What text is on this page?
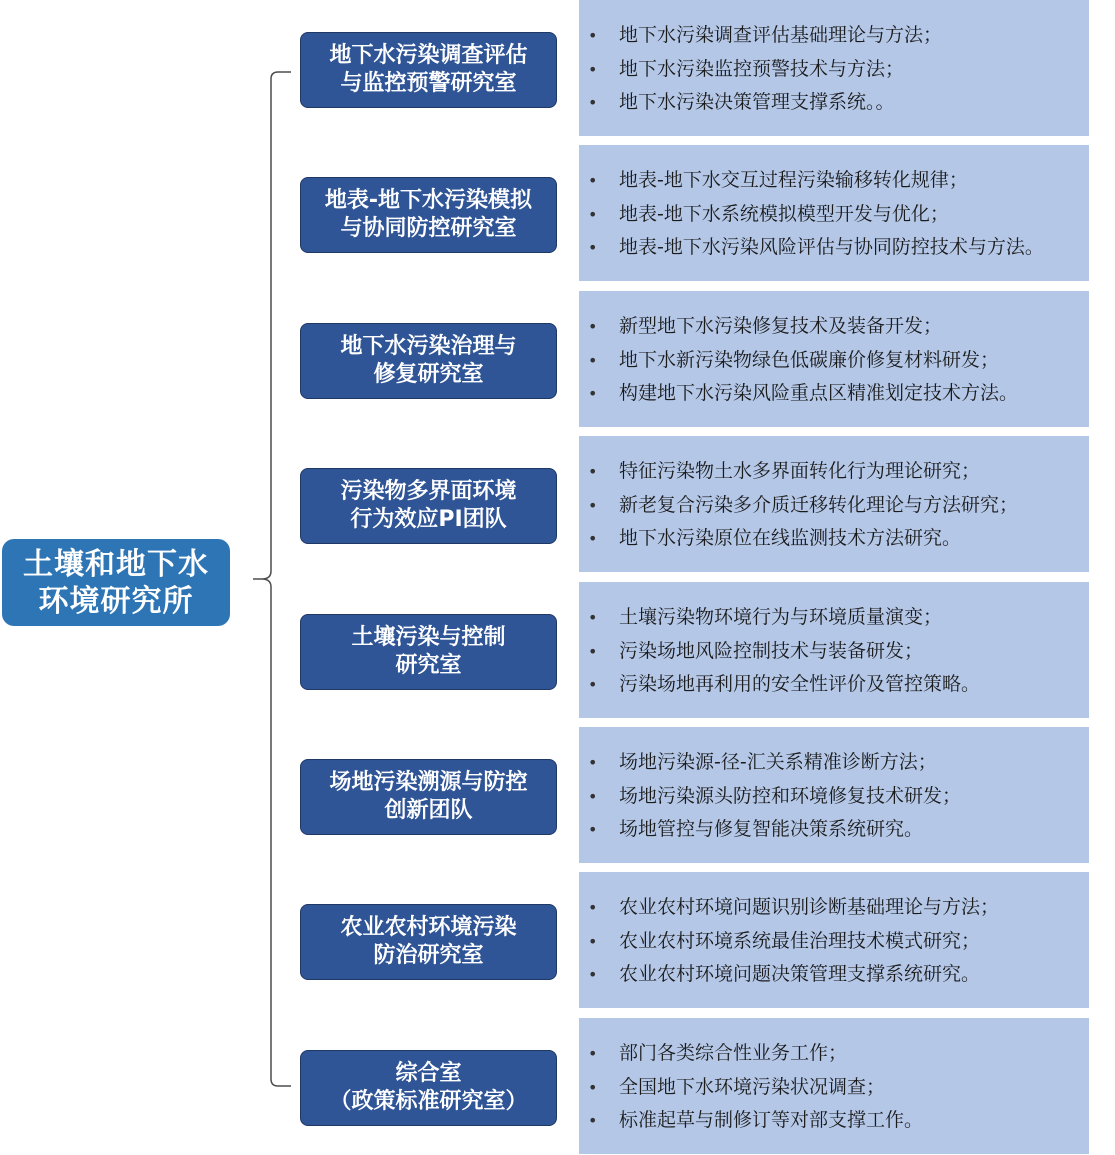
土壤和地下水
环境研究所
地下水污染调查评估
与监控预警研究室
• 地下水污染调查评估基础理论与方法；
• 地下水污染监控预警技术与方法；
• 地下水污染决策管理支撑系统。。
地表-地下水污染模拟
与协同防控研究室
• 地表-地下水交互过程污染输移转化规律；
• 地表-地下水系统模拟模型开发与优化；
• 地表-地下水污染风险评估与协同防控技术与方法。
地下水污染治理与
修复研究室
• 新型地下水污染修复技术及装备开发；
• 地下水新污染物绿色低碳廉价修复材料研发；
• 构建地下水污染风险重点区精准划定技术方法。
污染物多界面环境
行为效应PI团队
• 特征污染物土水多界面转化行为理论研究；
• 新老复合污染多介质迁移转化理论与方法研究；
• 地下水污染原位在线监测技术方法研究。
土壤污染与控制
研究室
• 土壤污染物环境行为与环境质量演变；
• 污染场地风险控制技术与装备研发；
• 污染场地再利用的安全性评价及管控策略。
场地污染溯源与防控
创新团队
• 场地污染源-径-汇关系精准诊断方法；
• 场地污染源头防控和环境修复技术研发；
• 场地管控与修复智能决策系统研究。
农业农村环境污染
防治研究室
• 农业农村环境问题识别诊断基础理论与方法；
• 农业农村环境系统最佳治理技术模式研究；
• 农业农村环境问题决策管理支撑系统研究。
综合室
（政策标准研究室）
• 部门各类综合性业务工作；
• 全国地下水环境污染状况调查；
• 标准起草与制修订等对部支撑工作。
